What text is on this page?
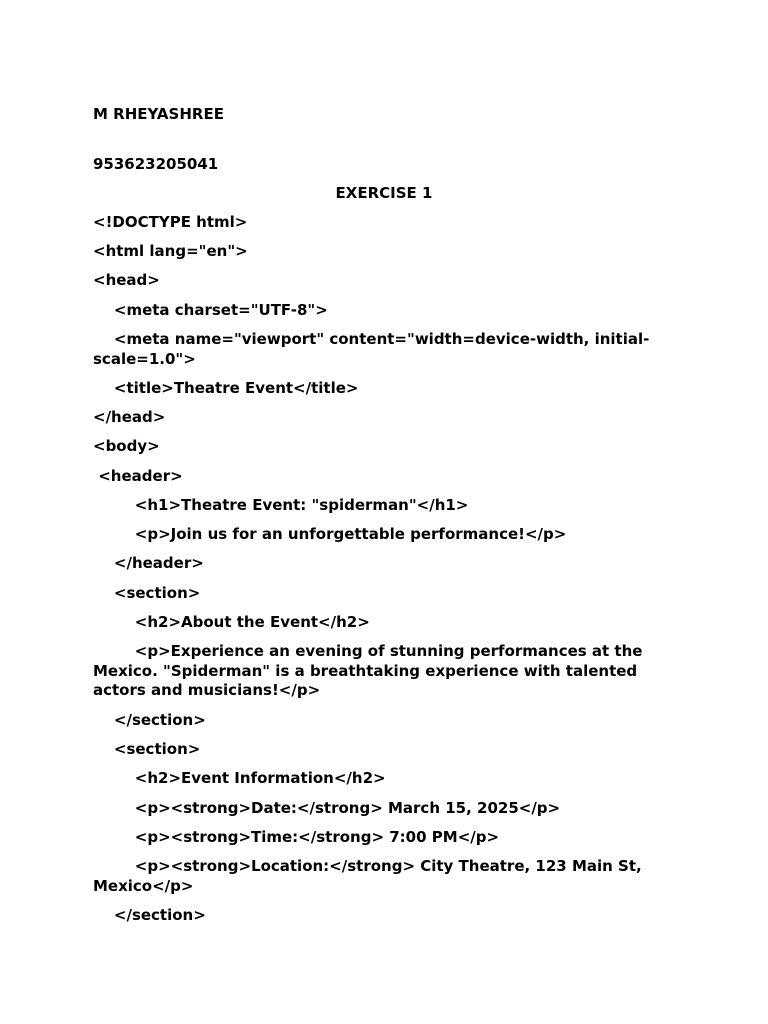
M RHEYASHREE

953623205041

EXERCISE 1

<!DOCTYPE html>

<html lang="en">

<head>

<meta charset="UTF-8">

<meta name="viewport" content="width=device-width, initial-scale=1.0">

<title>Theatre Event</title>

</head>

<body>

<header>

<h1>Theatre Event: "spiderman"</h1>

<p>Join us for an unforgettable performance!</p>

</header>

<section>

<h2>About the Event</h2>

<p>Experience an evening of stunning performances at the Mexico. "Spiderman" is a breathtaking experience with talented actors and musicians!</p>

</section>

<section>

<h2>Event Information</h2>

<p><strong>Date:</strong> March 15, 2025</p>

<p><strong>Time:</strong> 7:00 PM</p>

<p><strong>Location:</strong> City Theatre, 123 Main St, Mexico</p>

</section>
